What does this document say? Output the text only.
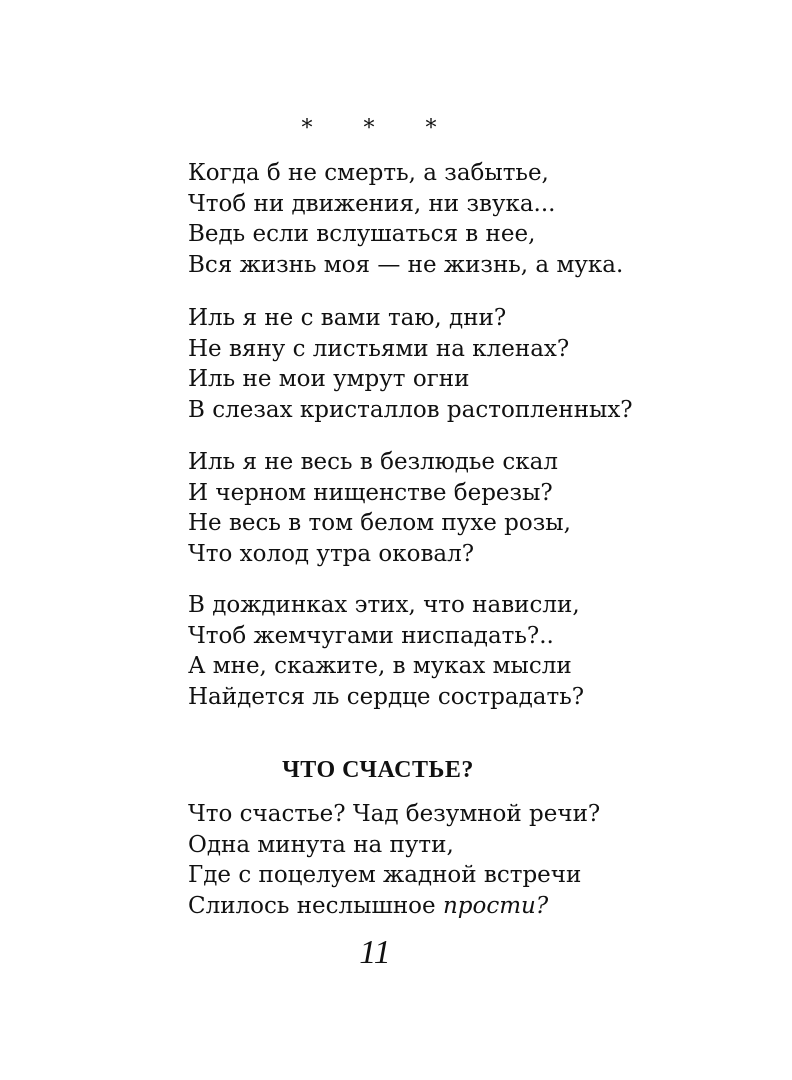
* * *
Когда б не смерть, а забытье,
Чтоб ни движения, ни звука...
Ведь если вслушаться в нее,
Вся жизнь моя — не жизнь, а мука.
Иль я не с вами таю, дни?
Не вяну с листьями на кленах?
Иль не мои умрут огни
В слезах кристаллов растопленных?
Иль я не весь в безлюдье скал
И черном нищенстве березы?
Не весь в том белом пухе розы,
Что холод утра оковал?
В дождинках этих, что нависли,
Чтоб жемчугами ниспадать?..
А мне, скажите, в муках мысли
Найдется ль сердце сострадать?
ЧТО СЧАСТЬЕ?
Что счастье? Чад безумной речи?
Одна минута на пути,
Где с поцелуем жадной встречи
Слилось неслышное прости?
11
